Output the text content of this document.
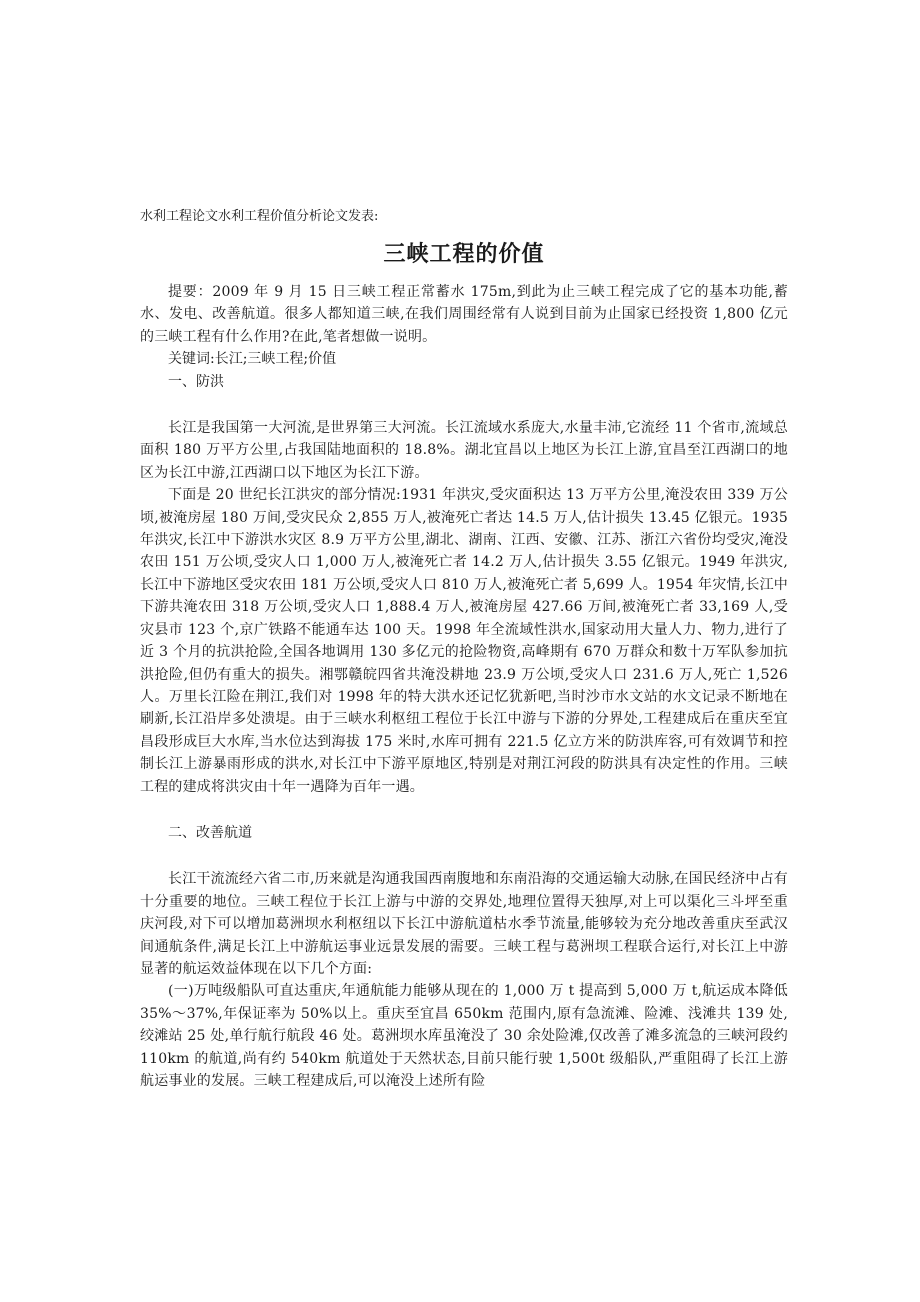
水利工程论文水利工程价值分析论文发表:
三峡工程的价值

提要：2009 年 9 月 15 日三峡工程正常蓄水 175m,到此为止三峡工程完成了它的基本功能,蓄水、发电、改善航道。很多人都知道三峡,在我们周围经常有人说到目前为止国家已经投资 1,800 亿元的三峡工程有什么作用?在此,笔者想做一说明。

关键词:长江;三峡工程;价值

一、防洪

长江是我国第一大河流,是世界第三大河流。长江流域水系庞大,水量丰沛,它流经 11 个省市,流域总面积 180 万平方公里,占我国陆地面积的 18.8%。湖北宜昌以上地区为长江上游,宜昌至江西湖口的地区为长江中游,江西湖口以下地区为长江下游。

下面是 20 世纪长江洪灾的部分情况:1931 年洪灾,受灾面积达 13 万平方公里,淹没农田 339 万公顷,被淹房屋 180 万间,受灾民众 2,855 万人,被淹死亡者达 14.5 万人,估计损失 13.45 亿银元。1935 年洪灾,长江中下游洪水灾区 8.9 万平方公里,湖北、湖南、江西、安徽、江苏、浙江六省份均受灾,淹没农田 151 万公顷,受灾人口 1,000 万人,被淹死亡者 14.2 万人,估计损失 3.55 亿银元。1949 年洪灾,长江中下游地区受灾农田 181 万公顷,受灾人口 810 万人,被淹死亡者 5,699 人。1954 年灾情,长江中下游共淹农田 318 万公顷,受灾人口 1,888.4 万人,被淹房屋 427.66 万间,被淹死亡者 33,169 人,受灾县市 123 个,京广铁路不能通车达 100 天。1998 年全流域性洪水,国家动用大量人力、物力,进行了近 3 个月的抗洪抢险,全国各地调用 130 多亿元的抢险物资,高峰期有 670 万群众和数十万军队参加抗洪抢险,但仍有重大的损失。湘鄂赣皖四省共淹没耕地 23.9 万公顷,受灾人口 231.6 万人,死亡 1,526 人。万里长江险在荆江,我们对 1998 年的特大洪水还记忆犹新吧,当时沙市水文站的水文记录不断地在刷新,长江沿岸多处溃堤。由于三峡水利枢纽工程位于长江中游与下游的分界处,工程建成后在重庆至宜昌段形成巨大水库,当水位达到海拔 175 米时,水库可拥有 221.5 亿立方米的防洪库容,可有效调节和控制长江上游暴雨形成的洪水,对长江中下游平原地区,特别是对荆江河段的防洪具有决定性的作用。三峡工程的建成将洪灾由十年一遇降为百年一遇。

二、改善航道

长江干流流经六省二市,历来就是沟通我国西南腹地和东南沿海的交通运输大动脉,在国民经济中占有十分重要的地位。三峡工程位于长江上游与中游的交界处,地理位置得天独厚,对上可以渠化三斗坪至重庆河段,对下可以增加葛洲坝水利枢纽以下长江中游航道枯水季节流量,能够较为充分地改善重庆至武汉间通航条件,满足长江上中游航运事业远景发展的需要。三峡工程与葛洲坝工程联合运行,对长江上中游显著的航运效益体现在以下几个方面:

(一)万吨级船队可直达重庆,年通航能力能够从现在的 1,000 万 t 提高到 5,000 万 t,航运成本降低 35%～37%,年保证率为 50%以上。重庆至宜昌 650km 范围内,原有急流滩、险滩、浅滩共 139 处,绞滩站 25 处,单行航行航段 46 处。葛洲坝水库虽淹没了 30 余处险滩,仅改善了滩多流急的三峡河段约 110km 的航道,尚有约 540km 航道处于天然状态,目前只能行驶 1,500t 级船队,严重阻碍了长江上游航运事业的发展。三峡工程建成后,可以淹没上述所有险
